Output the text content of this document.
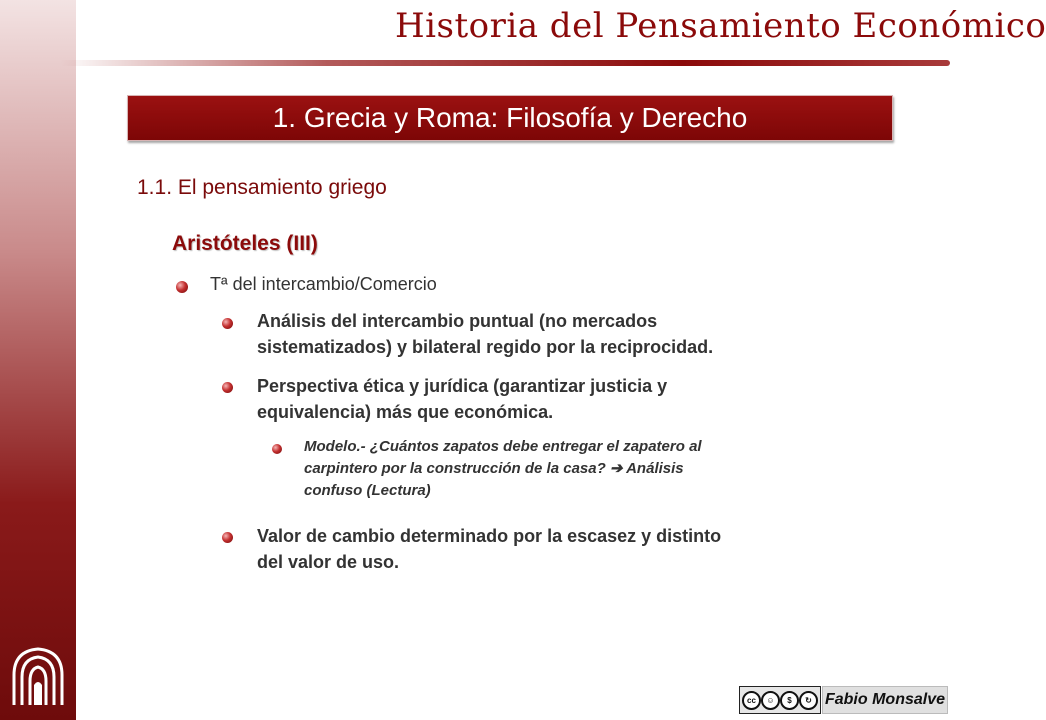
Historia del Pensamiento Económico
1. Grecia y Roma: Filosofía y Derecho
1.1. El pensamiento griego
Aristóteles (III)
Tª del intercambio/Comercio
Análisis del intercambio puntual (no mercados
sistematizados) y bilateral regido por la reciprocidad.
Perspectiva ética y jurídica (garantizar justicia y
equivalencia) más que económica.
Modelo.- ¿Cuántos zapatos debe entregar el zapatero al
carpintero por la construcción de la casa? ➔ Análisis
confuso (Lectura)
Valor de cambio determinado por la escasez y distinto
del valor de uso.
cc	☺	$	↻ Fabio Monsalve
